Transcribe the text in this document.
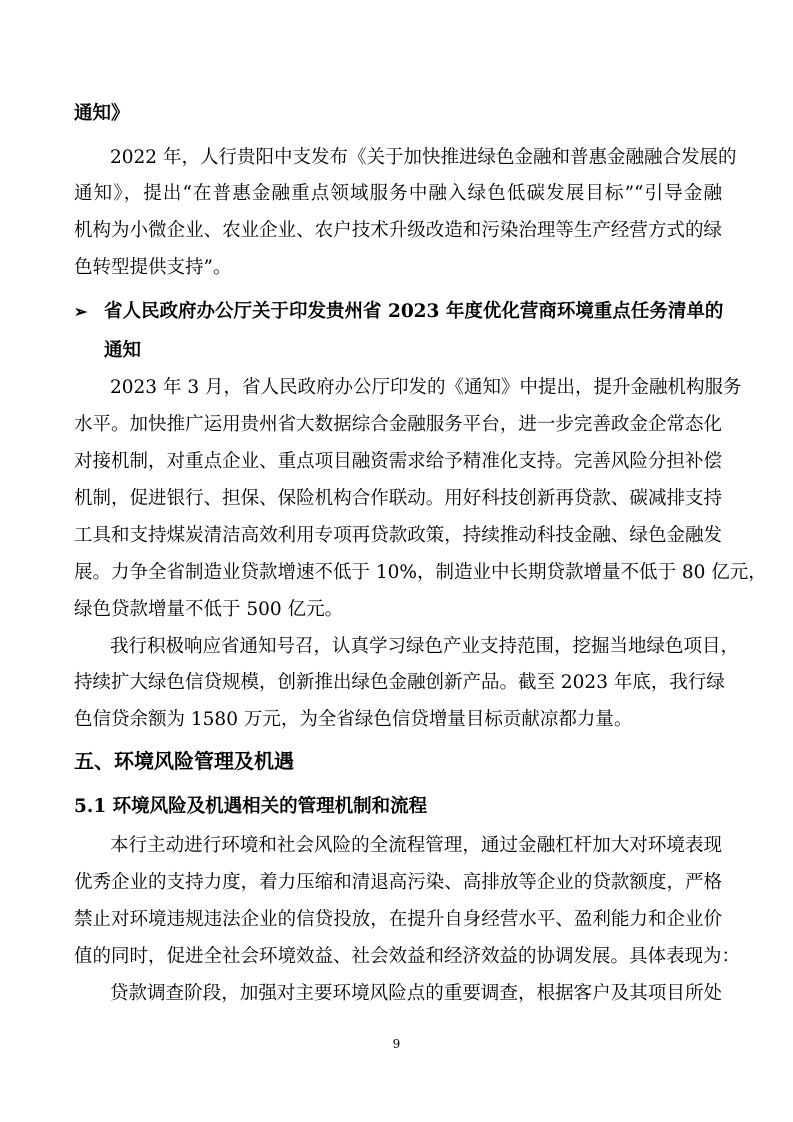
通知》
2022 年，人行贵阳中支发布《关于加快推进绿色金融和普惠金融融合发展的
通知》，提出“在普惠金融重点领域服务中融入绿色低碳发展目标”“引导金融
机构为小微企业、农业企业、农户技术升级改造和污染治理等生产经营方式的绿
色转型提供支持”。
➢ 省人民政府办公厅关于印发贵州省 2023 年度优化营商环境重点任务清单的
通知
2023 年 3 月，省人民政府办公厅印发的《通知》中提出，提升金融机构服务
水平。加快推广运用贵州省大数据综合金融服务平台，进一步完善政金企常态化
对接机制，对重点企业、重点项目融资需求给予精准化支持。完善风险分担补偿
机制，促进银行、担保、保险机构合作联动。用好科技创新再贷款、碳减排支持
工具和支持煤炭清洁高效利用专项再贷款政策，持续推动科技金融、绿色金融发
展。力争全省制造业贷款增速不低于 10%，制造业中长期贷款增量不低于 80 亿元，
绿色贷款增量不低于 500 亿元。
我行积极响应省通知号召，认真学习绿色产业支持范围，挖掘当地绿色项目，
持续扩大绿色信贷规模，创新推出绿色金融创新产品。截至 2023 年底，我行绿
色信贷余额为 1580 万元，为全省绿色信贷增量目标贡献凉都力量。
五、环境风险管理及机遇
5.1 环境风险及机遇相关的管理机制和流程
本行主动进行环境和社会风险的全流程管理，通过金融杠杆加大对环境表现
优秀企业的支持力度，着力压缩和清退高污染、高排放等企业的贷款额度，严格
禁止对环境违规违法企业的信贷投放，在提升自身经营水平、盈利能力和企业价
值的同时，促进全社会环境效益、社会效益和经济效益的协调发展。具体表现为：
贷款调查阶段，加强对主要环境风险点的重要调查，根据客户及其项目所处
9
